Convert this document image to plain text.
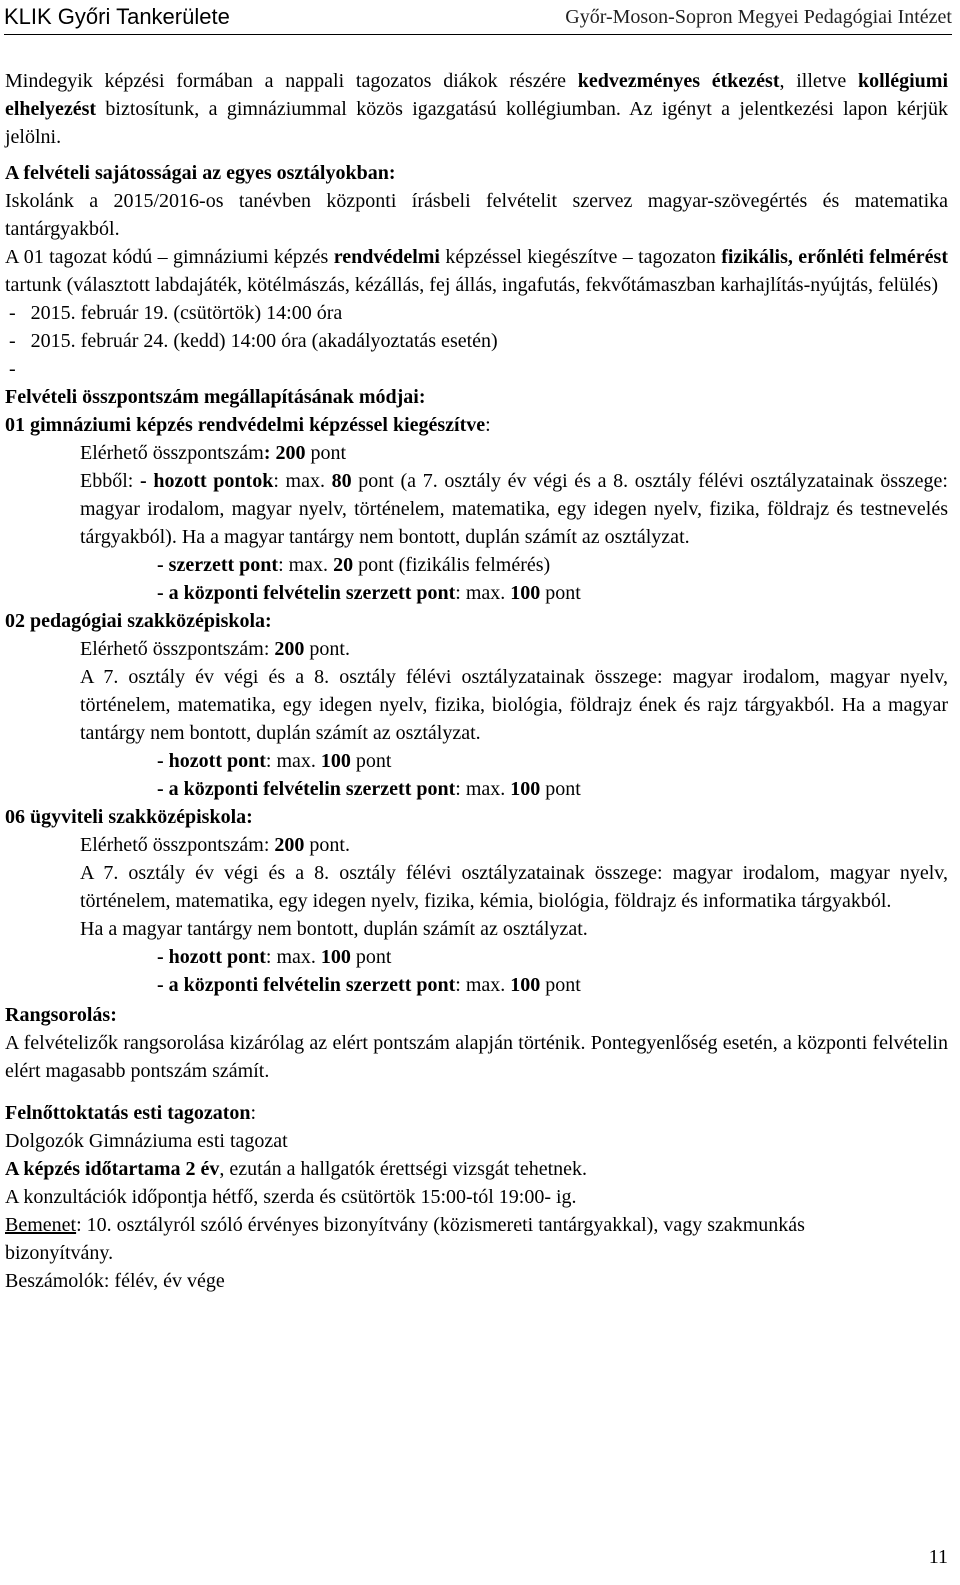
KLIK Győri Tankerülete	Győr-Moson-Sopron Megyei Pedagógiai Intézet

Mindegyik képzési formában a nappali tagozatos diákok részére kedvezményes étkezést, illetve kollégiumi elhelyezést biztosítunk, a gimnáziummal közös igazgatású kollégiumban. Az igényt a jelentkezési lapon kérjük jelölni.

A felvételi sajátosságai az egyes osztályokban:

Iskolánk a 2015/2016-os tanévben központi írásbeli felvételit szervez magyar-szövegértés és matematika tantárgyakból.

A 01 tagozat kódú – gimnáziumi képzés rendvédelmi képzéssel kiegészítve – tagozaton fizikális, erőnléti felmérést tartunk (választott labdajáték, kötélmászás, kézállás, fej állás, ingafutás, fekvőtámaszban karhajlítás-nyújtás, felülés)

-   2015. február 19. (csütörtök) 14:00 óra

-   2015. február 24. (kedd) 14:00 óra (akadályoztatás esetén)

-

Felvételi összpontszám megállapításának módjai:

01 gimnáziumi képzés rendvédelmi képzéssel kiegészítve:

Elérhető összpontszám: 200 pont

Ebből: - hozott pontok: max. 80 pont (a 7. osztály év végi és a 8. osztály félévi osztályzatainak összege: magyar irodalom, magyar nyelv, történelem, matematika, egy idegen nyelv, fizika, földrajz és testnevelés tárgyakból). Ha a magyar tantárgy nem bontott, duplán számít az osztályzat.

- szerzett pont: max. 20 pont (fizikális felmérés)

- a központi felvételin szerzett pont: max. 100 pont

02 pedagógiai szakközépiskola:

Elérhető összpontszám: 200 pont.

A 7. osztály év végi és a 8. osztály félévi osztályzatainak összege: magyar irodalom, magyar nyelv, történelem, matematika, egy idegen nyelv, fizika, biológia, földrajz ének és rajz tárgyakból. Ha a magyar tantárgy nem bontott, duplán számít az osztályzat.

- hozott pont: max. 100 pont

- a központi felvételin szerzett pont: max. 100 pont

06 ügyviteli szakközépiskola:

Elérhető összpontszám: 200 pont.

A 7. osztály év végi és a 8. osztály félévi osztályzatainak összege: magyar irodalom, magyar nyelv, történelem, matematika, egy idegen nyelv, fizika, kémia, biológia, földrajz és informatika tárgyakból.

Ha a magyar tantárgy nem bontott, duplán számít az osztályzat.

- hozott pont: max. 100 pont

- a központi felvételin szerzett pont: max. 100 pont

Rangsorolás:

A felvételizők rangsorolása kizárólag az elért pontszám alapján történik. Pontegyenlőség esetén, a központi felvételin elért magasabb pontszám számít.

Felnőttoktatás esti tagozaton:

Dolgozók Gimnáziuma esti tagozat

A képzés időtartama 2 év, ezután a hallgatók érettségi vizsgát tehetnek.

A konzultációk időpontja hétfő, szerda és csütörtök 15:00-tól 19:00- ig.

Bemenet: 10. osztályról szóló érvényes bizonyítvány (közismereti tantárgyakkal), vagy szakmunkás bizonyítvány.

Beszámolók: félév, év vége

11
